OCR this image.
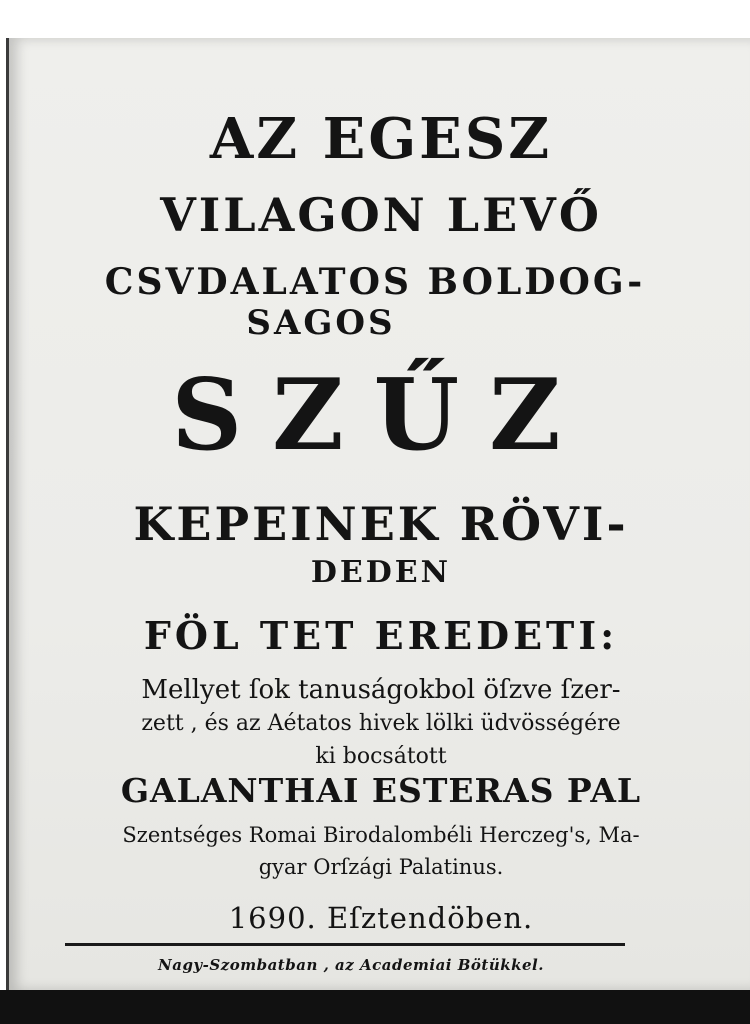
AZ EGESZ

VILAGON LEVŐ

CSVDALATOS BOLDOG-

SAGOS

SZŰZ

KEPEINEK RÖVI-

DEDEN

FÖL TET EREDETI:

Mellyet ſok tanuságokbol öſzve ſzer-

zett , és az Aétatos hivek lölki üdvösségére

ki bocsátott

GALANTHAI ESTERAS PAL

Szentséges Romai Birodalombéli Herczeg's, Ma-

gyar Orſzági Palatinus.

1690. Eſztendöben.

Nagy-Szombatban , az Academiai Bötükkel.
